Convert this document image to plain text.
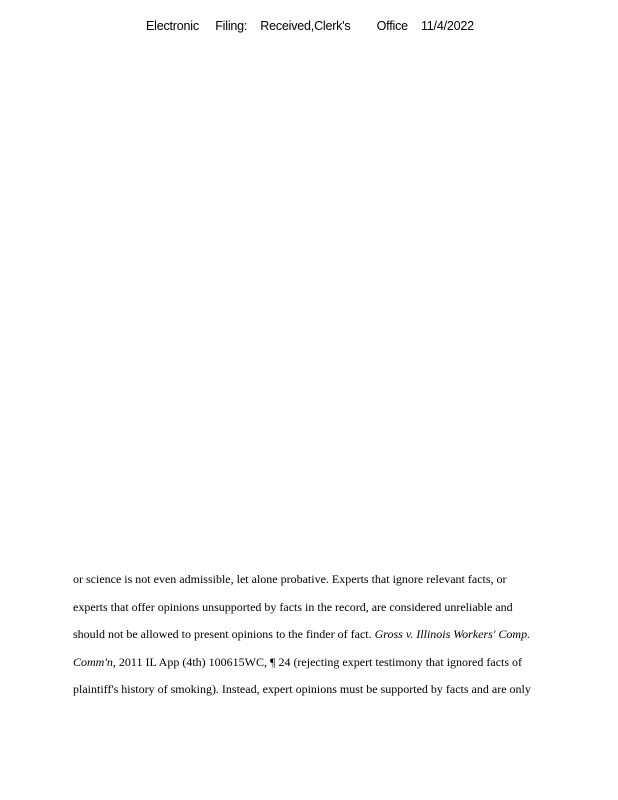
Electronic     Filing:    Received,Clerk's        Office    11/4/2022
or science is not even admissible, let alone probative. Experts that ignore relevant facts, or
experts that offer opinions unsupported by facts in the record, are considered unreliable and
should not be allowed to present opinions to the finder of fact. Gross v. Illinois Workers' Comp.
Comm'n, 2011 IL App (4th) 100615WC, ¶ 24 (rejecting expert testimony that ignored facts of
plaintiff's history of smoking). Instead, expert opinions must be supported by facts and are only
